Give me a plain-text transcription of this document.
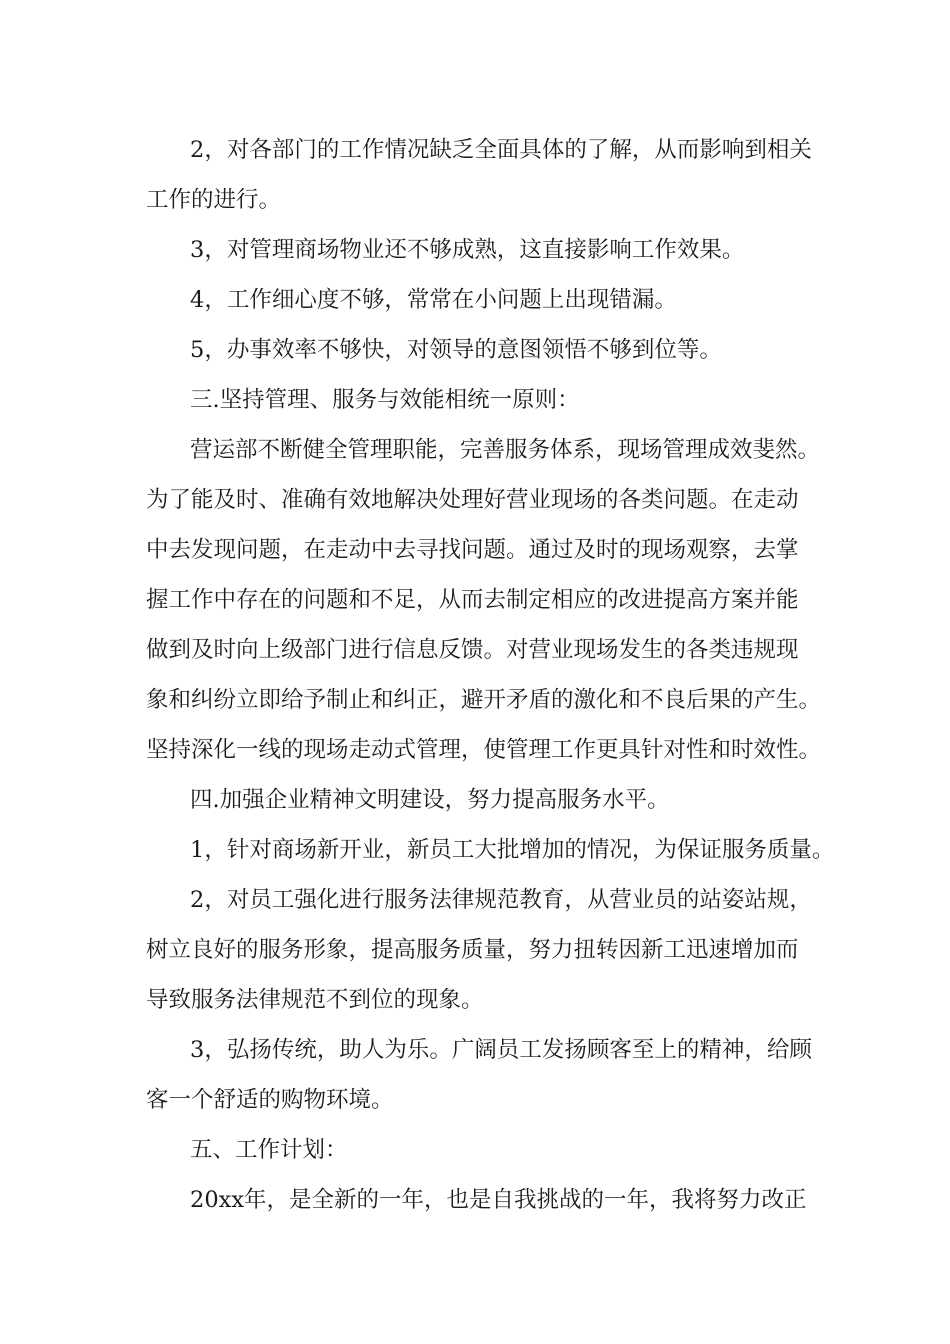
2，对各部门的工作情况缺乏全面具体的了解，从而影响到相关

工作的进行。

3，对管理商场物业还不够成熟，这直接影响工作效果。

4，工作细心度不够，常常在小问题上出现错漏。

5，办事效率不够快，对领导的意图领悟不够到位等。

三.坚持管理、服务与效能相统一原则：

营运部不断健全管理职能，完善服务体系，现场管理成效斐然。

为了能及时、准确有效地解决处理好营业现场的各类问题。在走动

中去发现问题，在走动中去寻找问题。通过及时的现场观察，去掌

握工作中存在的问题和不足，从而去制定相应的改进提高方案并能

做到及时向上级部门进行信息反馈。对营业现场发生的各类违规现

象和纠纷立即给予制止和纠正，避开矛盾的激化和不良后果的产生。

坚持深化一线的现场走动式管理，使管理工作更具针对性和时效性。

四.加强企业精神文明建设，努力提高服务水平。

1，针对商场新开业，新员工大批增加的情况，为保证服务质量。

2，对员工强化进行服务法律规范教育，从营业员的站姿站规，

树立良好的服务形象，提高服务质量，努力扭转因新工迅速增加而

导致服务法律规范不到位的现象。

3，弘扬传统，助人为乐。广阔员工发扬顾客至上的精神，给顾

客一个舒适的购物环境。

五、工作计划：

20xx年，是全新的一年，也是自我挑战的一年，我将努力改正
